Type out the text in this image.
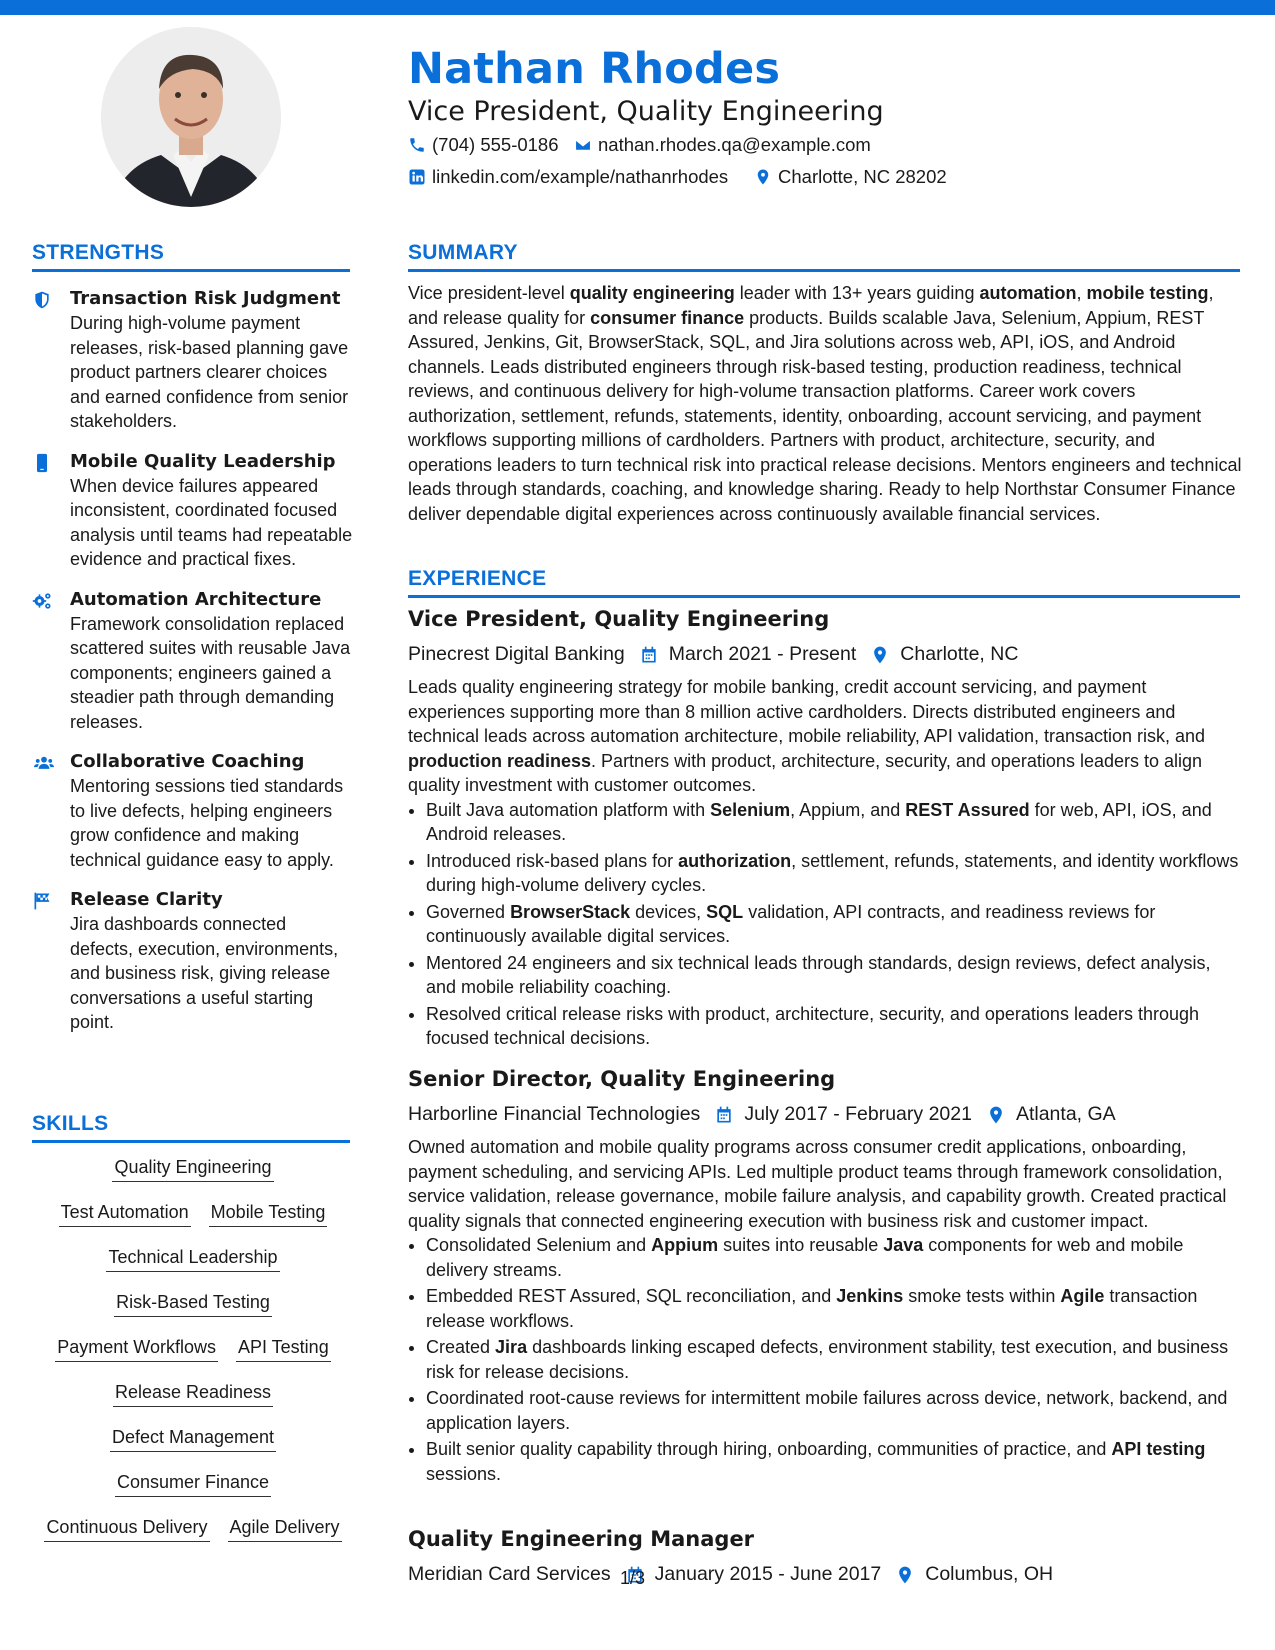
Nathan Rhodes
Vice President, Quality Engineering
(704) 555-0186 nathan.rhodes.qa@example.com
linkedin.com/example/nathanrhodes	Charlotte, NC 28202
STRENGTHS
Transaction Risk Judgment
During high-volume payment releases, risk-based planning gave product partners clearer choices and earned confidence from senior stakeholders.
Mobile Quality Leadership
When device failures appeared inconsistent, coordinated focused analysis until teams had repeatable evidence and practical fixes.
Automation Architecture
Framework consolidation replaced scattered suites with reusable Java components; engineers gained a steadier path through demanding releases.
Collaborative Coaching
Mentoring sessions tied standards to live defects, helping engineers grow confidence and making technical guidance easy to apply.
Release Clarity
Jira dashboards connected defects, execution, environments, and business risk, giving release conversations a useful starting point.
SKILLS
Quality Engineering
Test Automation Mobile Testing
Technical Leadership
Risk-Based Testing
Payment Workflows API Testing
Release Readiness
Defect Management
Consumer Finance
Continuous Delivery Agile Delivery
SUMMARY
Vice president-level quality engineering leader with 13+ years guiding automation, mobile testing, and release quality for consumer finance products. Builds scalable Java, Selenium, Appium, REST Assured, Jenkins, Git, BrowserStack, SQL, and Jira solutions across web, API, iOS, and Android channels. Leads distributed engineers through risk-based testing, production readiness, technical reviews, and continuous delivery for high-volume transaction platforms. Career work covers authorization, settlement, refunds, statements, identity, onboarding, account servicing, and payment workflows supporting millions of cardholders. Partners with product, architecture, security, and operations leaders to turn technical risk into practical release decisions. Mentors engineers and technical leads through standards, coaching, and knowledge sharing. Ready to help Northstar Consumer Finance deliver dependable digital experiences across continuously available financial services.
EXPERIENCE
Vice President, Quality Engineering
Pinecrest Digital Banking March 2021 - Present Charlotte, NC
Leads quality engineering strategy for mobile banking, credit account servicing, and payment experiences supporting more than 8 million active cardholders. Directs distributed engineers and technical leads across automation architecture, mobile reliability, API validation, transaction risk, and production readiness. Partners with product, architecture, security, and operations leaders to align quality investment with customer outcomes.
• Built Java automation platform with Selenium, Appium, and REST Assured for web, API, iOS, and Android releases.
• Introduced risk-based plans for authorization, settlement, refunds, statements, and identity workflows during high-volume delivery cycles.
• Governed BrowserStack devices, SQL validation, API contracts, and readiness reviews for continuously available digital services.
• Mentored 24 engineers and six technical leads through standards, design reviews, defect analysis, and mobile reliability coaching.
• Resolved critical release risks with product, architecture, security, and operations leaders through focused technical decisions.
Senior Director, Quality Engineering
Harborline Financial Technologies July 2017 - February 2021 Atlanta, GA
Owned automation and mobile quality programs across consumer credit applications, onboarding, payment scheduling, and servicing APIs. Led multiple product teams through framework consolidation, service validation, release governance, mobile failure analysis, and capability growth. Created practical quality signals that connected engineering execution with business risk and customer impact.
• Consolidated Selenium and Appium suites into reusable Java components for web and mobile delivery streams.
• Embedded REST Assured, SQL reconciliation, and Jenkins smoke tests within Agile transaction release workflows.
• Created Jira dashboards linking escaped defects, environment stability, test execution, and business risk for release decisions.
• Coordinated root-cause reviews for intermittent mobile failures across device, network, backend, and application layers.
• Built senior quality capability through hiring, onboarding, communities of practice, and API testing sessions.
Quality Engineering Manager
Meridian Card Services January 2015 - June 2017 Columbus, OH
1/3
